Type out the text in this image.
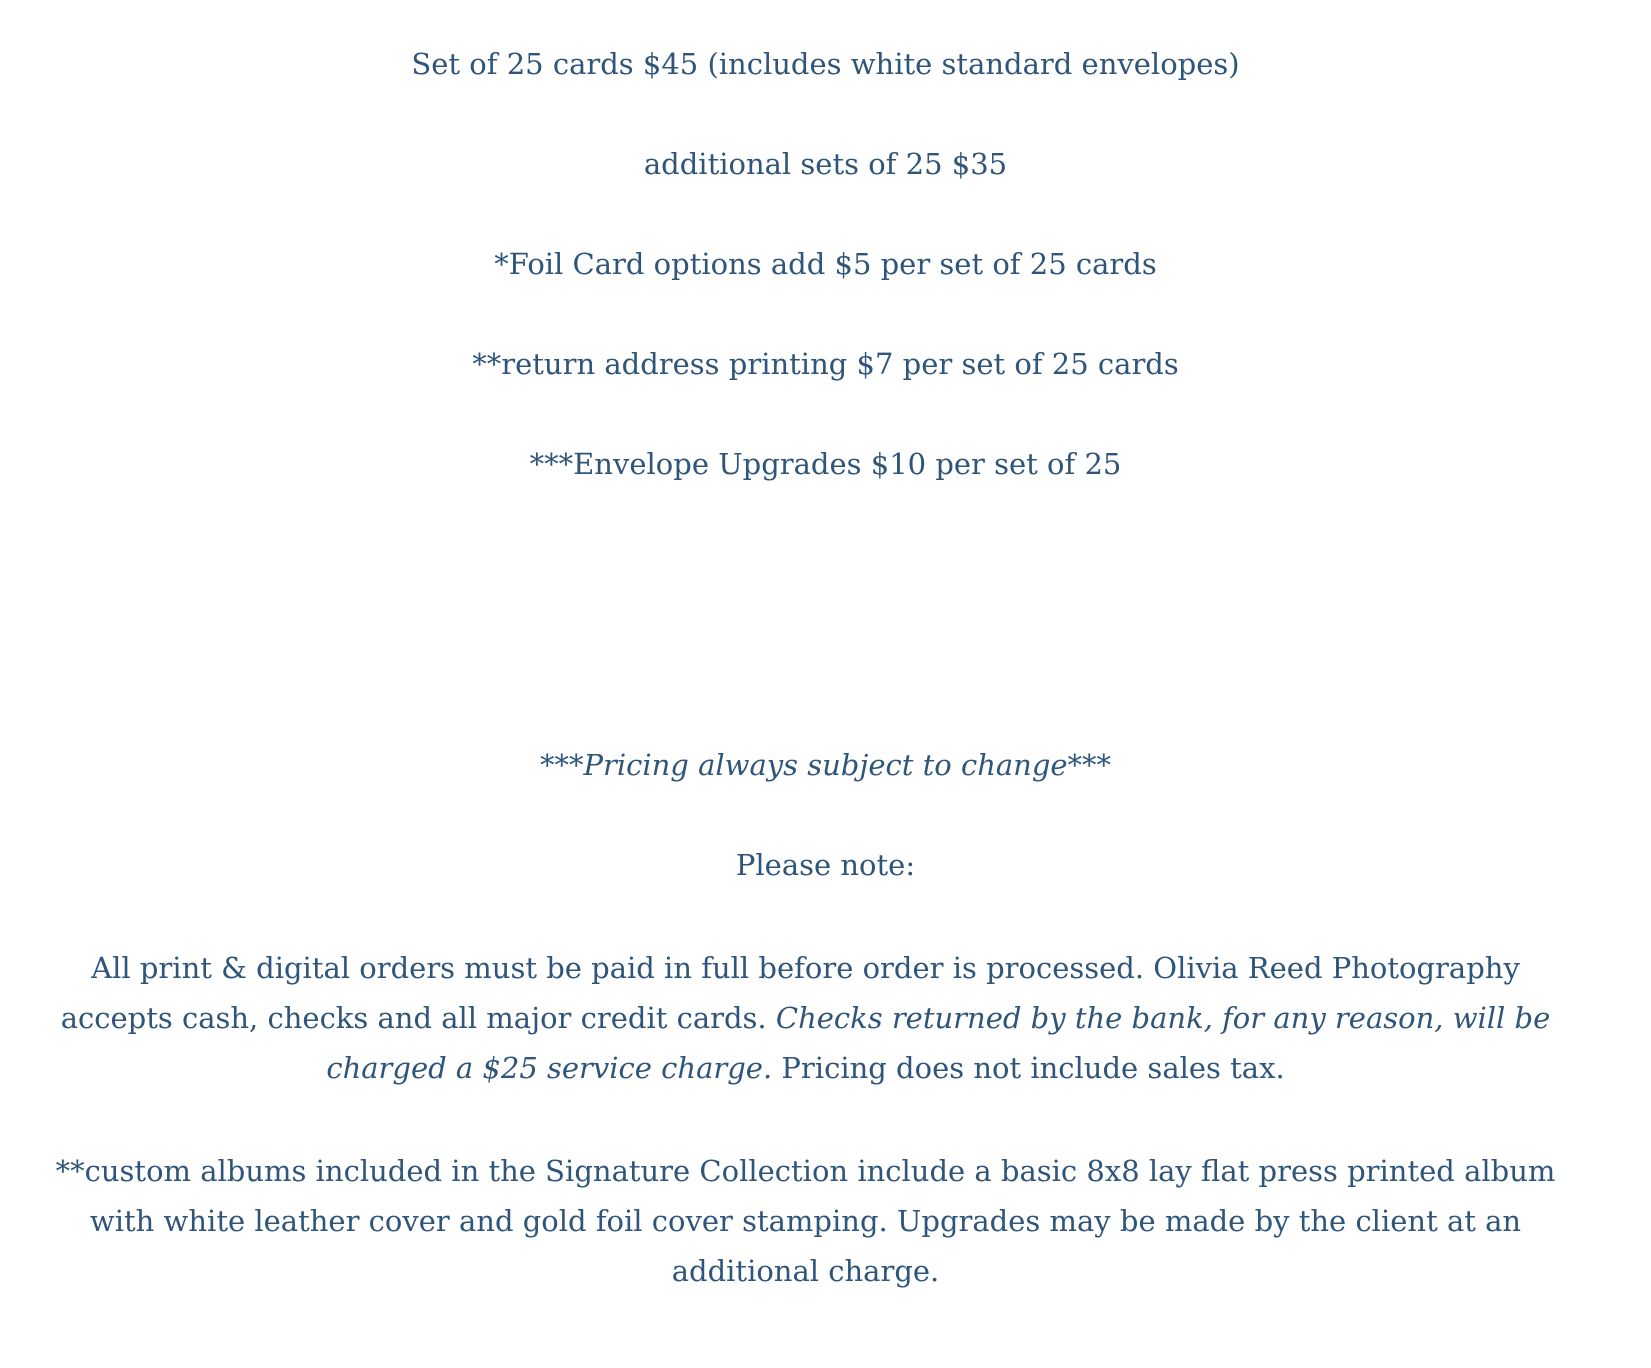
Set of 25 cards $45 (includes white standard envelopes)
additional sets of 25 $35
*Foil Card options add $5 per set of 25 cards
**return address printing $7 per set of 25 cards
***Envelope Upgrades $10 per set of 25
***Pricing always subject to change***
Please note:
All print & digital orders must be paid in full before order is processed. Olivia Reed Photography accepts cash, checks and all major credit cards. Checks returned by the bank, for any reason, will be charged a $25 service charge. Pricing does not include sales tax.
**custom albums included in the Signature Collection include a basic 8x8 lay flat press printed album with white leather cover and gold foil cover stamping. Upgrades may be made by the client at an additional charge.
